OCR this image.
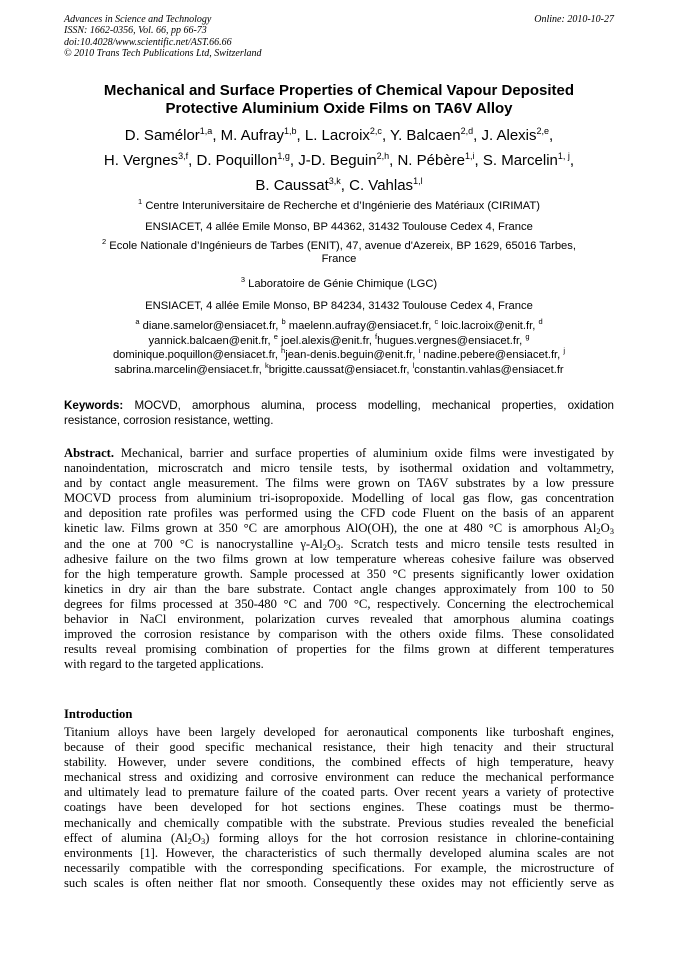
Advances in Science and Technology
ISSN: 1662-0356, Vol. 66, pp 66-73
doi:10.4028/www.scientific.net/AST.66.66
© 2010 Trans Tech Publications Ltd, Switzerland
Online: 2010-10-27
Mechanical and Surface Properties of Chemical Vapour Deposited
Protective Aluminium Oxide Films on TA6V Alloy
D. Samélor$^{1,a}$, M. Aufray$^{1,b}$, L. Lacroix$^{2,c}$, Y. Balcaen$^{2,d}$, J. Alexis$^{2,e}$,
H. Vergnes$^{3,f}$, D. Poquillon$^{1,g}$, J-D. Beguin$^{2,h}$, N. Pébère$^{1,i}$, S. Marcelin$^{1, j}$,
B. Caussat$^{3,k}$, C. Vahlas$^{1,l}$
$^1$ Centre Interuniversitaire de Recherche et d’Ingénierie des Matériaux (CIRIMAT)
ENSIACET, 4 allée Emile Monso, BP 44362, 31432 Toulouse Cedex 4, France
$^2$ Ecole Nationale d’Ingénieurs de Tarbes (ENIT), 47, avenue d'Azereix, BP 1629, 65016 Tarbes,
France
$^3$ Laboratoire de Génie Chimique (LGC)
ENSIACET, 4 allée Emile Monso, BP 84234, 31432 Toulouse Cedex 4, France
$^a$ diane.samelor@ensiacet.fr, $^b$ maelenn.aufray@ensiacet.fr, $^c$ loic.lacroix@enit.fr, $^d$
yannick.balcaen@enit.fr, $^e$ joel.alexis@enit.fr, $^f$hugues.vergnes@ensiacet.fr, $^g$
dominique.poquillon@ensiacet.fr, $^h$jean-denis.beguin@enit.fr, $^i$ nadine.pebere@ensiacet.fr, $^j$
sabrina.marcelin@ensiacet.fr, $^k$brigitte.caussat@ensiacet.fr, $^l$constantin.vahlas@ensiacet.fr
Keywords: MOCVD, amorphous alumina, process modelling, mechanical properties, oxidation
resistance, corrosion resistance, wetting.
Abstract. Mechanical, barrier and surface properties of aluminium oxide films were investigated by
nanoindentation, microscratch and micro tensile tests, by isothermal oxidation and voltammetry,
and by contact angle measurement. The films were grown on TA6V substrates by a low pressure
MOCVD process from aluminium tri-isopropoxide. Modelling of local gas flow, gas concentration
and deposition rate profiles was performed using the CFD code Fluent on the basis of an apparent
kinetic law. Films grown at 350 °C are amorphous AlO(OH), the one at 480 °C is amorphous $Al_2O_3$
and the one at 700 °C is nanocrystalline $\gamma-Al_2O_3$. Scratch tests and micro tensile tests resulted in
adhesive failure on the two films grown at low temperature whereas cohesive failure was observed
for the high temperature growth. Sample processed at 350 °C presents significantly lower oxidation
kinetics in dry air than the bare substrate. Contact angle changes approximately from 100 to 50
degrees for films processed at 350-480 °C and 700 °C, respectively. Concerning the electrochemical
behavior in NaCl environment, polarization curves revealed that amorphous alumina coatings
improved the corrosion resistance by comparison with the others oxide films. These consolidated
results reveal promising combination of properties for the films grown at different temperatures
with regard to the targeted applications.
Introduction
Titanium alloys have been largely developed for aeronautical components like turboshaft engines,
because of their good specific mechanical resistance, their high tenacity and their structural
stability. However, under severe conditions, the combined effects of high temperature, heavy
mechanical stress and oxidizing and corrosive environment can reduce the mechanical performance
and ultimately lead to premature failure of the coated parts. Over recent years a variety of protective
coatings have been developed for hot sections engines. These coatings must be thermo-
mechanically and chemically compatible with the substrate. Previous studies revealed the beneficial
effect of alumina $(Al_2O_3)$ forming alloys for the hot corrosion resistance in chlorine-containing
environments [1]. However, the characteristics of such thermally developed alumina scales are not
necessarily compatible with the corresponding specifications. For example, the microstructure of
such scales is often neither flat nor smooth. Consequently these oxides may not efficiently serve as
